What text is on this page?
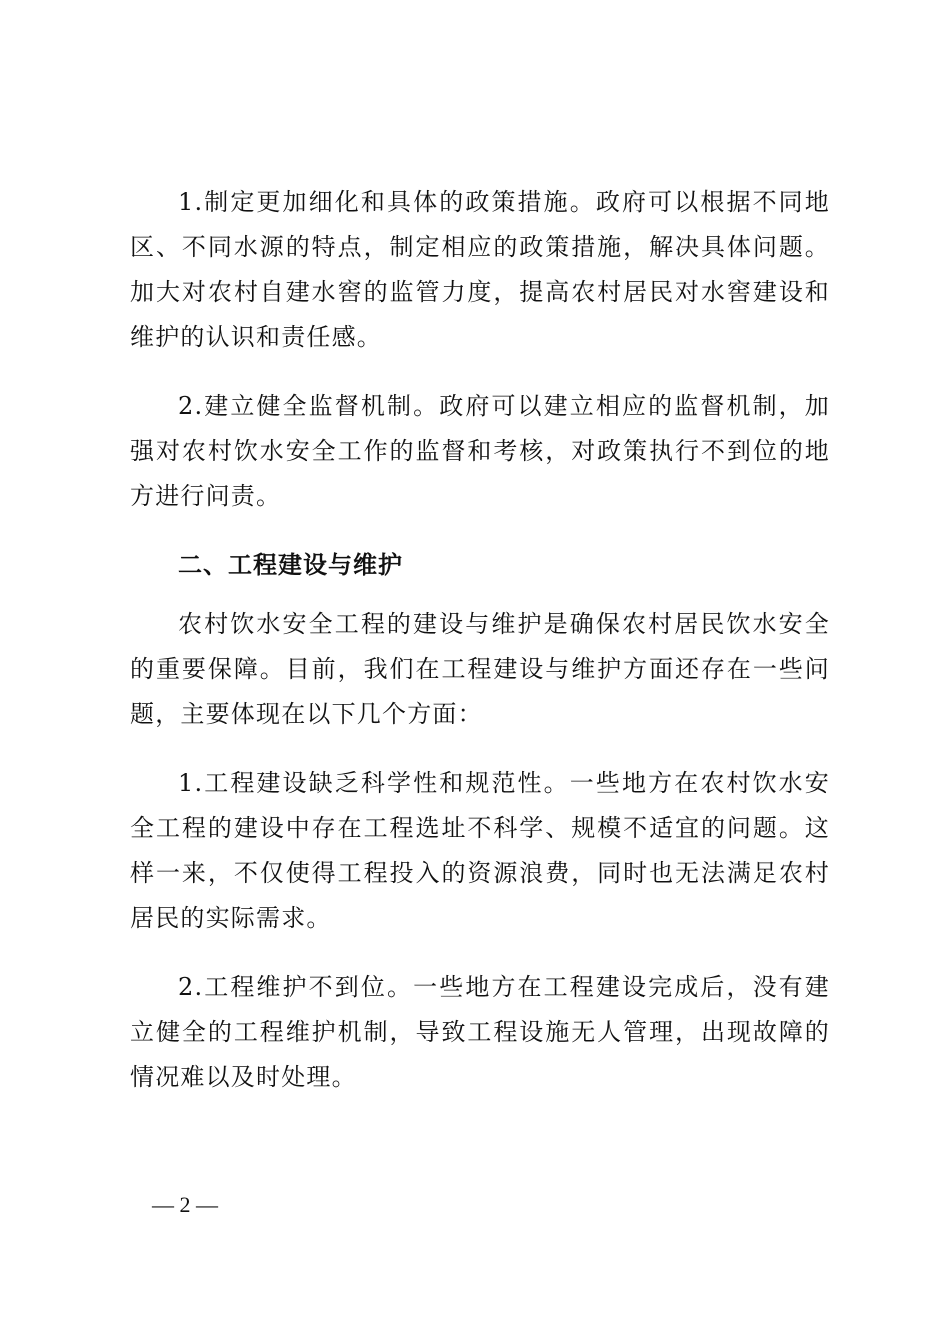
1.制定更加细化和具体的政策措施。政府可以根据不同地区、不同水源的特点，制定相应的政策措施，解决具体问题。加大对农村自建水窖的监管力度，提高农村居民对水窖建设和维护的认识和责任感。

2.建立健全监督机制。政府可以建立相应的监督机制，加强对农村饮水安全工作的监督和考核，对政策执行不到位的地方进行问责。

二、工程建设与维护

农村饮水安全工程的建设与维护是确保农村居民饮水安全的重要保障。目前，我们在工程建设与维护方面还存在一些问题，主要体现在以下几个方面：

1.工程建设缺乏科学性和规范性。一些地方在农村饮水安全工程的建设中存在工程选址不科学、规模不适宜的问题。这样一来，不仅使得工程投入的资源浪费，同时也无法满足农村居民的实际需求。

2.工程维护不到位。一些地方在工程建设完成后，没有建立健全的工程维护机制，导致工程设施无人管理，出现故障的情况难以及时处理。

— 2 —
